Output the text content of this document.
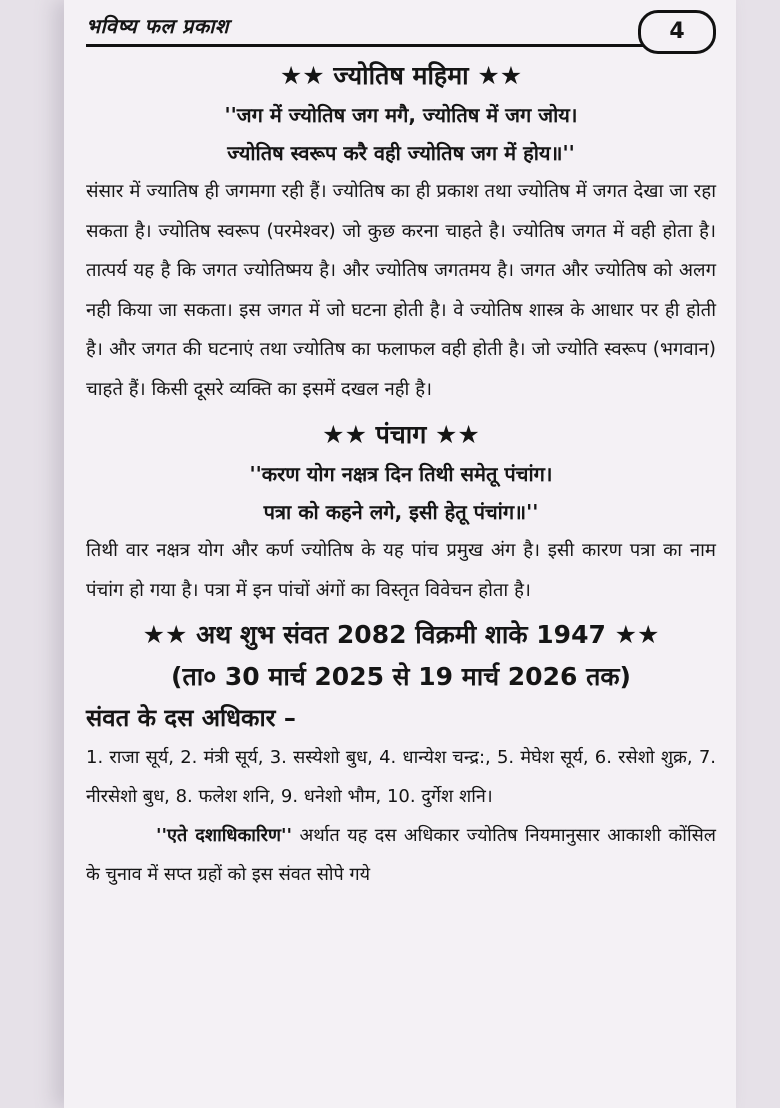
भविष्य फल प्रकाश	4

★★ ज्योतिष महिमा ★★

''जग में ज्योतिष जग मगै, ज्योतिष में जग जोय।

ज्योतिष स्वरूप करै वही ज्योतिष जग में होय॥''

संसार में ज्यातिष ही जगमगा रही हैं। ज्योतिष का ही प्रकाश तथा ज्योतिष में जगत देखा जा रहा सकता है। ज्योतिष स्वरूप (परमेश्वर) जो कुछ करना चाहते है। ज्योतिष जगत में वही होता है। तात्पर्य यह है कि जगत ज्योतिष्मय है। और ज्योतिष जगतमय है। जगत और ज्योतिष को अलग नही किया जा सकता। इस जगत में जो घटना होती है। वे ज्योतिष शास्त्र के आधार पर ही होती है। और जगत की घटनाएं तथा ज्योतिष का फलाफल वही होती है। जो ज्योति स्वरूप (भगवान) चाहते हैं। किसी दूसरे व्यक्ति का इसमें दखल नही है।

★★ पंचाग ★★

''करण योग नक्षत्र दिन तिथी समेतू पंचांग।

पत्रा को कहने लगे, इसी हेतू पंचांग॥''

तिथी वार नक्षत्र योग और कर्ण ज्योतिष के यह पांच प्रमुख अंग है। इसी कारण पत्रा का नाम पंचांग हो गया है। पत्रा में इन पांचों अंगों का विस्तृत विवेचन होता है।

★★ अथ शुभ संवत 2082 विक्रमी शाके 1947 ★★

(ता० 30 मार्च 2025 से 19 मार्च 2026 तक)

संवत के दस अधिकार –

1. राजा सूर्य, 2. मंत्री सूर्य, 3. सस्येशो बुध, 4. धान्येश चन्द्र:, 5. मेघेश सूर्य, 6. रसेशो शुक्र, 7. नीरसेशो बुध, 8. फलेश शनि, 9. धनेशो भौम, 10. दुर्गेश शनि।

''एते दशाधिकारिण'' अर्थात यह दस अधिकार ज्योतिष नियमानुसार आकाशी कोंसिल के चुनाव में सप्त ग्रहों को इस संवत सोपे गये
